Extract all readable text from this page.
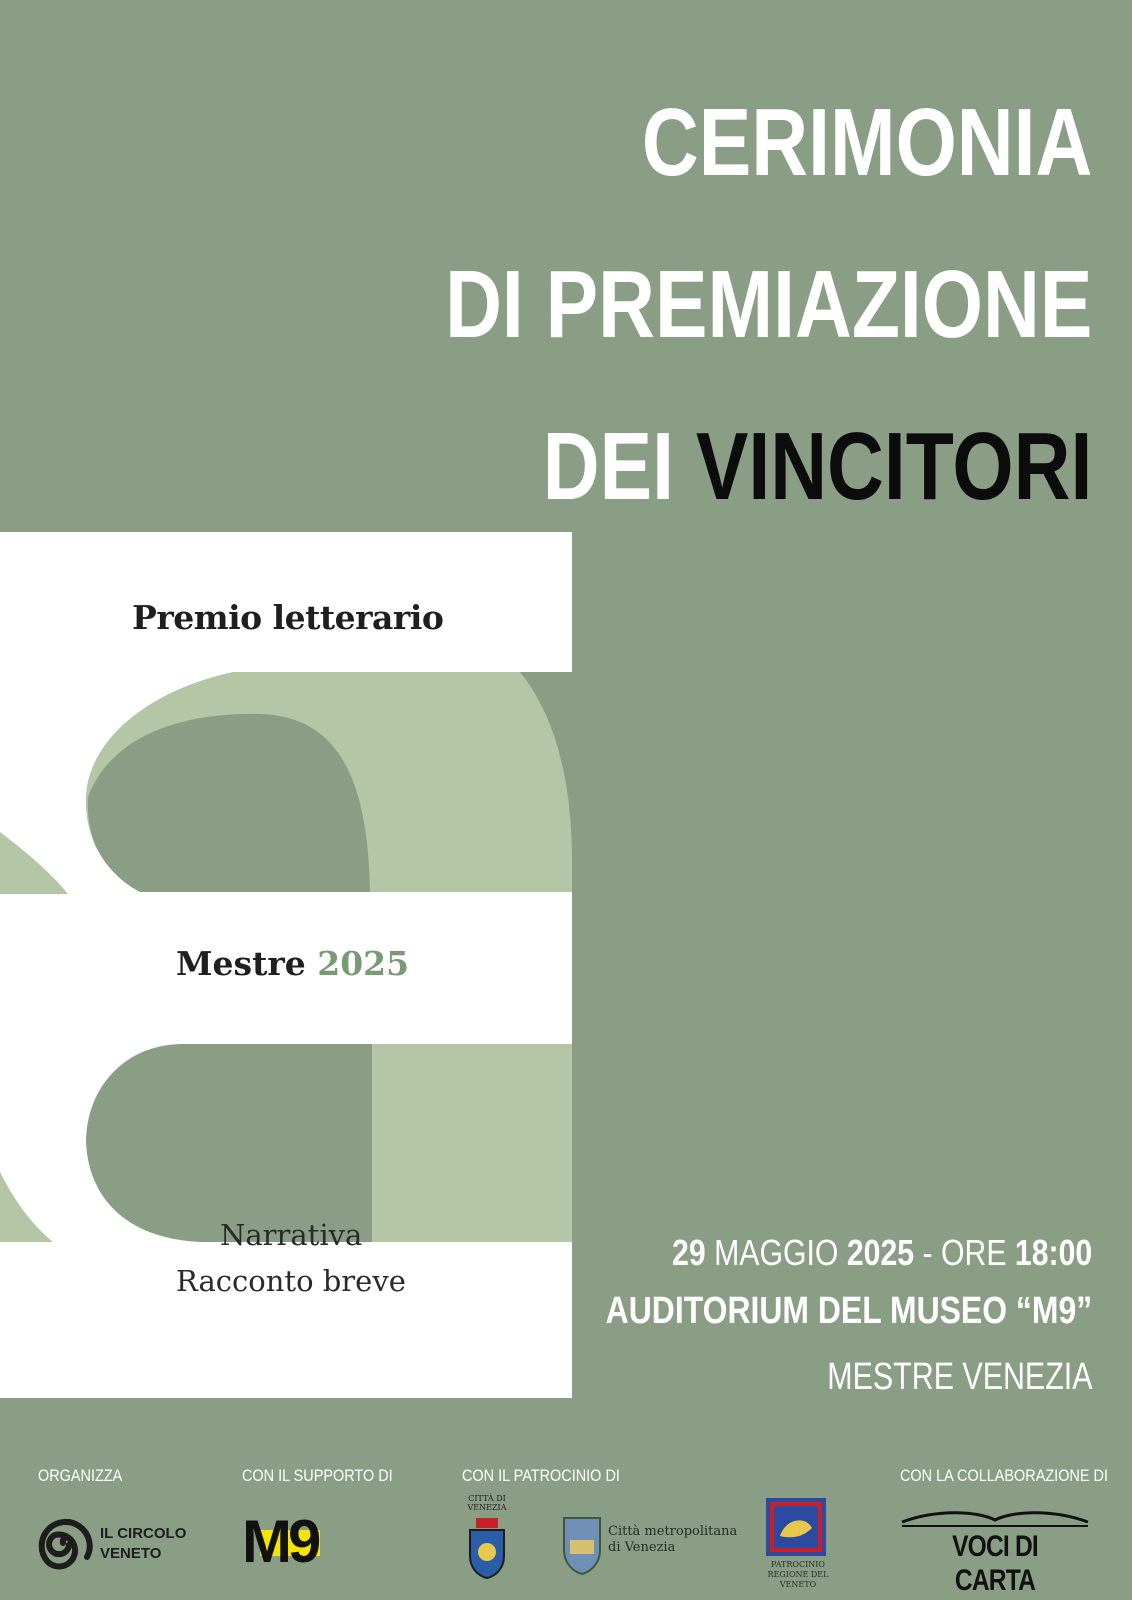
CERIMONIA
DI PREMIAZIONE
DEI VINCITORI
Premio letterario
Mestre 2025
Narrativa
Racconto breve
29 MAGGIO 2025 - ORE 18:00
AUDITORIUM DEL MUSEO “M9”
MESTRE VENEZIA
ORGANIZZA	CON IL SUPPORTO DI	CON IL PATROCINIO DI	CON LA COLLABORAZIONE DI
IL CIRCOLO
VENETO	M9
CITTÀ DI VENEZIA
Città metropolitana
di Venezia
PATROCINIO
REGIONE DEL VENETO
VOCI DI CARTA
